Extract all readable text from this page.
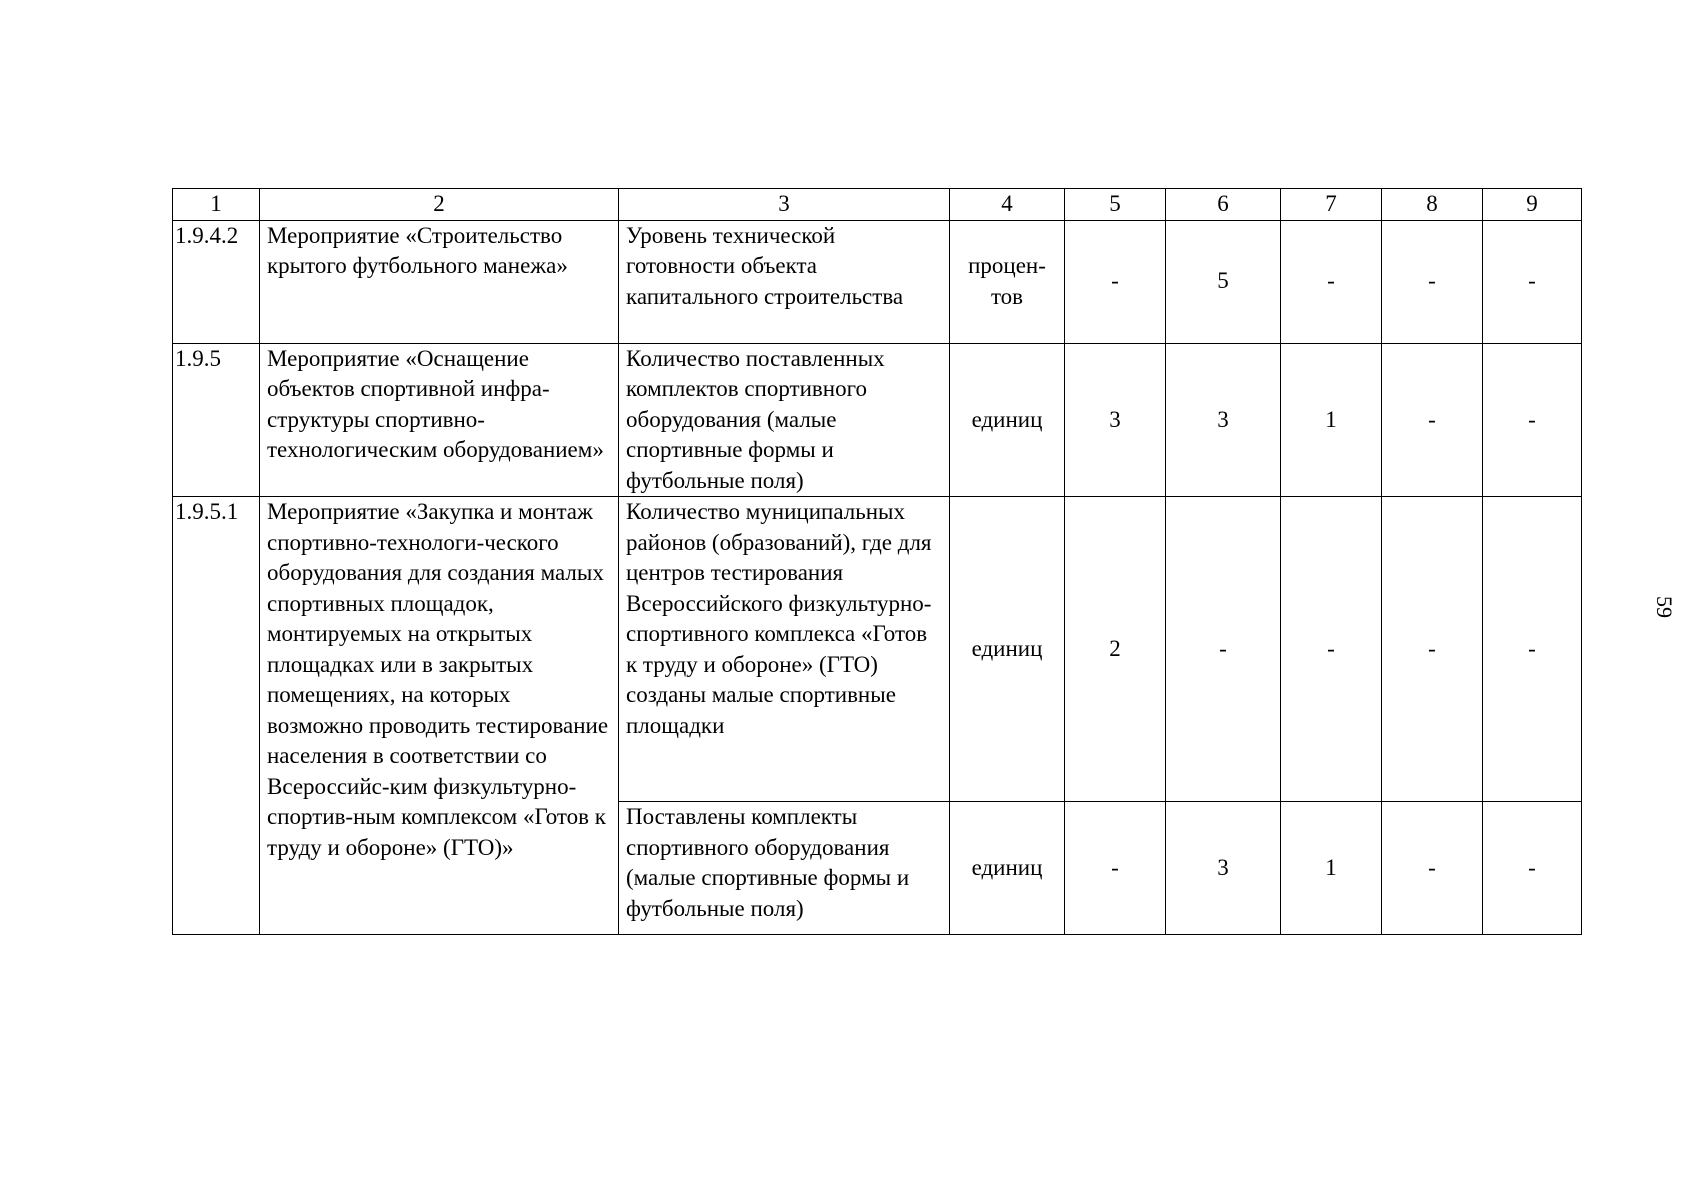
1	2	3	4	5	6	7	8	9
1.9.4.2	Мероприятие «Строительство крытого футбольного манежа»	Уровень технической готовности объекта капитального строительства	процен-тов	-	5	-	-	-
1.9.5	Мероприятие «Оснащение объектов спортивной инфра-структуры спортивно-технологическим оборудованием»	Количество поставленных комплектов спортивного оборудования (малые спортивные формы и футбольные поля)	единиц	3	3	1	-	-
1.9.5.1	Мероприятие «Закупка и монтаж спортивно-технологи-ческого оборудования для создания малых спортивных площадок, монтируемых на открытых площадках или в закрытых помещениях, на которых возможно проводить тестирование населения в соответствии со Всероссийс-ким физкультурно-спортив-ным комплексом «Готов к труду и обороне» (ГТО)»	Количество муниципальных районов (образований), где для центров тестирования Всероссийского физкультурно-спортивного комплекса «Готов к труду и обороне» (ГТО) созданы малые спортивные площадки	единиц	2	-	-	-	-
		Поставлены комплекты спортивного оборудования (малые спортивные формы и футбольные поля)	единиц	-	3	1	-	-
59
